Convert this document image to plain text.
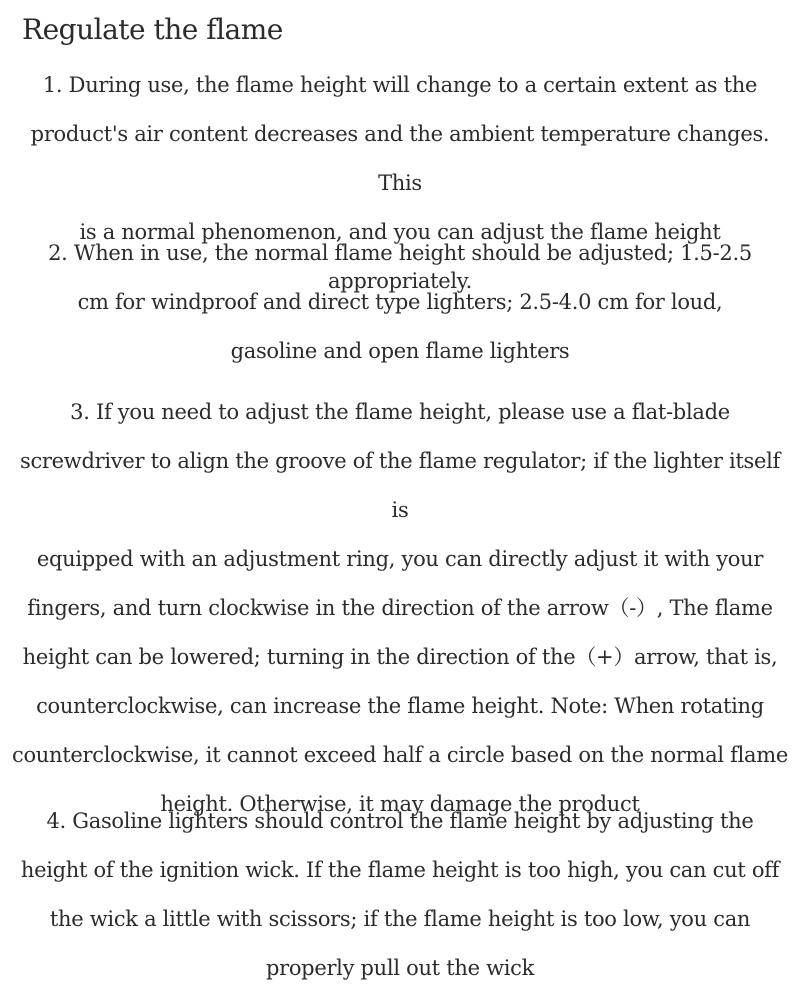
Regulate the flame

1. During use, the flame height will change to a certain extent as the
product's air content decreases and the ambient temperature changes. This
is a normal phenomenon, and you can adjust the flame height appropriately.

2. When in use, the normal flame height should be adjusted; 1.5-2.5
cm for windproof and direct type lighters; 2.5-4.0 cm for loud,
gasoline and open flame lighters

3. If you need to adjust the flame height, please use a flat-blade
screwdriver to align the groove of the flame regulator; if the lighter itself is
equipped with an adjustment ring, you can directly adjust it with your
fingers, and turn clockwise in the direction of the arrow（-）, The flame
height can be lowered; turning in the direction of the（+）arrow, that is,
counterclockwise, can increase the flame height. Note: When rotating
counterclockwise, it cannot exceed half a circle based on the normal flame
height. Otherwise, it may damage the product

4. Gasoline lighters should control the flame height by adjusting the
height of the ignition wick. If the flame height is too high, you can cut off
the wick a little with scissors; if the flame height is too low, you can
properly pull out the wick
